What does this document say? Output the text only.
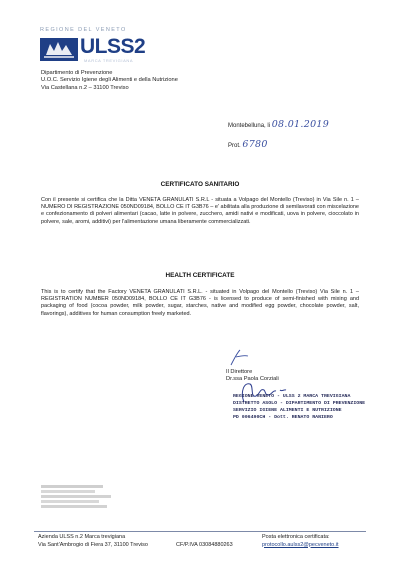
REGIONE DEL VENETO
ULSS2
MARCA TREVIGIANA
Dipartimento di Prevenzione
U.O.C. Servizio Igiene degli Alimenti e della Nutrizione
Via Castellana n.2 – 31100 Treviso
Montebelluna, li 08.01.2019
Prot. 6780
CERTIFICATO SANITARIO
Con il presente si certifica che la Ditta VENETA GRANULATI S.R.L - situata a Volpago del Montello (Treviso) in Via Sile n. 1 – NUMERO DI REGISTRAZIONE 050ND09184, BOLLO CE IT G3B76 – e' abilitata alla produzione di semilavorati con miscelazione e confezionamento di polveri alimentari (cacao, latte in polvere, zucchero, amidi nativi e modificati, uova in polvere, cioccolato in polvere, sale, aromi, additivi) per l'alimentazione umana liberamente commercializzati.
HEALTH CERTIFICATE
This is to certify that the Factory VENETA GRANULATI S.R.L. - situated in Volpago del Montello (Treviso) Via Sile n. 1 – REGISTRATION NUMBER 050ND09184, BOLLO CE IT G3B76 - is licensed to produce of semi-finished with mixing and packaging of food (cocoa powder, milk powder, sugar, starches, native and modified egg powder, chocolate powder, salt, flavorings), additives for human consumption freely marketed.
Il Direttore
Dr.ssa Paola Corziali
REGIONE VENETO - ULSS 2 MARCA TREVIGIANA
DISTRETTO ASOLO - DIPARTIMENTO DI PREVENZIONE
SERVIZIO IGIENE ALIMENTI E NUTRIZIONE
PD 006490CH - Dott. RENATO RANIERO
Azienda ULSS n.2 Marca trevigiana
Via Sant'Ambrogio di Fiera 37, 31100 Treviso	CF/P.IVA 03084880263
Posta elettronica certificata:
protocollo.aulss2@pecveneto.it
